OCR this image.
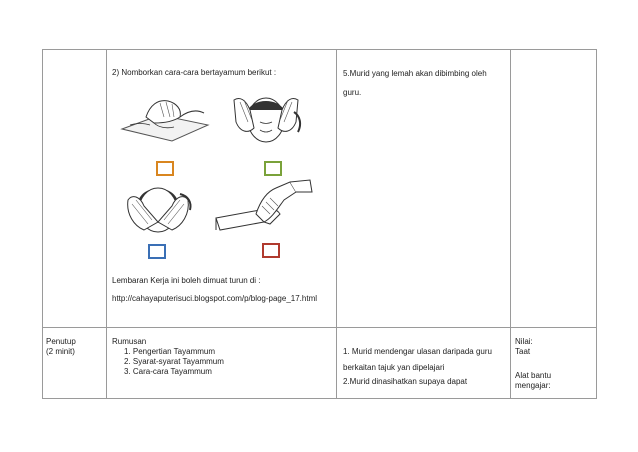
2) Nomborkan cara-cara bertayamum berikut :
Lembaran Kerja ini boleh dimuat turun di :
http://cahayaputerisuci.blogspot.com/p/blog-page_17.html
5.Murid yang lemah akan dibimbing oleh
guru.
Penutup
(2 minit)
Rumusan
1. Pengertian Tayammum
2. Syarat-syarat Tayammum
3. Cara-cara Tayammum
1. Murid mendengar ulasan daripada guru
berkaitan tajuk yan dipelajari
2.Murid dinasihatkan supaya dapat
Nilai:
Taat
Alat bantu
mengajar:
